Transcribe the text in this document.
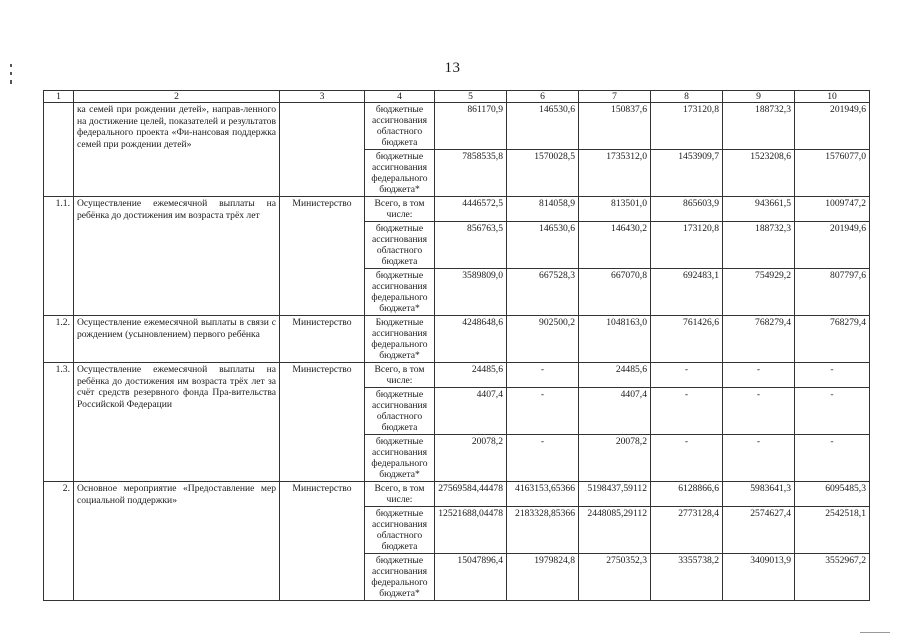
13
1	2	3	4	5	6	7	8	9	10
	ка семей при рождении детей», направ-ленного на достижение целей, показателей и результатов федерального проекта «Фи-нансовая поддержка семей при рождении детей»		бюджетные ассигнования областного бюджета	861170,9	146530,6	150837,6	173120,8	188732,3	201949,6
			бюджетные ассигнования федерального бюджета*	7858535,8	1570028,5	1735312,0	1453909,7	1523208,6	1576077,0
1.1.	Осуществление ежемесячной выплаты на ребёнка до достижения им возраста трёх лет	Министерство	Всего, в том числе:	4446572,5	814058,9	813501,0	865603,9	943661,5	1009747,2
			бюджетные ассигнования областного бюджета	856763,5	146530,6	146430,2	173120,8	188732,3	201949,6
			бюджетные ассигнования федерального бюджета*	3589809,0	667528,3	667070,8	692483,1	754929,2	807797,6
1.2.	Осуществление ежемесячной выплаты в связи с рождением (усыновлением) первого ребёнка	Министерство	Бюджетные ассигнования федерального бюджета*	4248648,6	902500,2	1048163,0	761426,6	768279,4	768279,4
1.3.	Осуществление ежемесячной выплаты на ребёнка до достижения им возраста трёх лет за счёт средств резервного фонда Пра-вительства Российской Федерации	Министерство	Всего, в том числе:	24485,6	-	24485,6	-	-	-
			бюджетные ассигнования областного бюджета	4407,4	-	4407,4	-	-	-
			бюджетные ассигнования федерального бюджета*	20078,2	-	20078,2	-	-	-
2.	Основное мероприятие «Предоставление мер социальной поддержки»	Министерство	Всего, в том числе:	27569584,44478	4163153,65366	5198437,59112	6128866,6	5983641,3	6095485,3
			бюджетные ассигнования областного бюджета	12521688,04478	2183328,85366	2448085,29112	2773128,4	2574627,4	2542518,1
			бюджетные ассигнования федерального бюджета*	15047896,4	1979824,8	2750352,3	3355738,2	3409013,9	3552967,2
